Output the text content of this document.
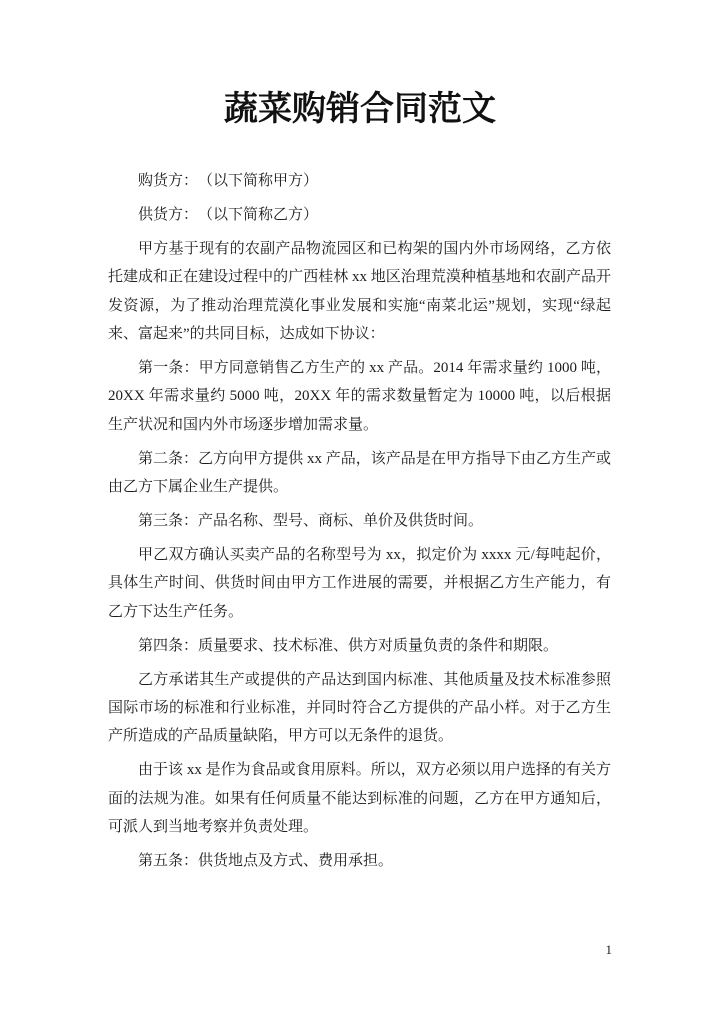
蔬菜购销合同范文

购货方：　（以下简称甲方）

供货方：　（以下简称乙方）

甲方基于现有的农副产品物流园区和已构架的国内外市场网络，乙方依托建成和正在建设过程中的广西桂林 xx 地区治理荒漠种植基地和农副产品开发资源，为了推动治理荒漠化事业发展和实施“南菜北运”规划，实现“绿起来、富起来”的共同目标，达成如下协议：

第一条：甲方同意销售乙方生产的 xx 产品。2014 年需求量约 1000 吨，20XX 年需求量约 5000 吨，20XX 年的需求数量暂定为 10000 吨，以后根据生产状况和国内外市场逐步增加需求量。

第二条：乙方向甲方提供 xx 产品，该产品是在甲方指导下由乙方生产或由乙方下属企业生产提供。

第三条：产品名称、型号、商标、单价及供货时间。

甲乙双方确认买卖产品的名称型号为 xx，拟定价为 xxxx 元/每吨起价，具体生产时间、供货时间由甲方工作进展的需要，并根据乙方生产能力，有乙方下达生产任务。

第四条：质量要求、技术标准、供方对质量负责的条件和期限。

乙方承诺其生产或提供的产品达到国内标准、其他质量及技术标准参照国际市场的标准和行业标准，并同时符合乙方提供的产品小样。对于乙方生产所造成的产品质量缺陷，甲方可以无条件的退货。

由于该 xx 是作为食品或食用原料。所以，双方必须以用户选择的有关方面的法规为准。如果有任何质量不能达到标准的问题，乙方在甲方通知后，可派人到当地考察并负责处理。

第五条：供货地点及方式、费用承担。

1
